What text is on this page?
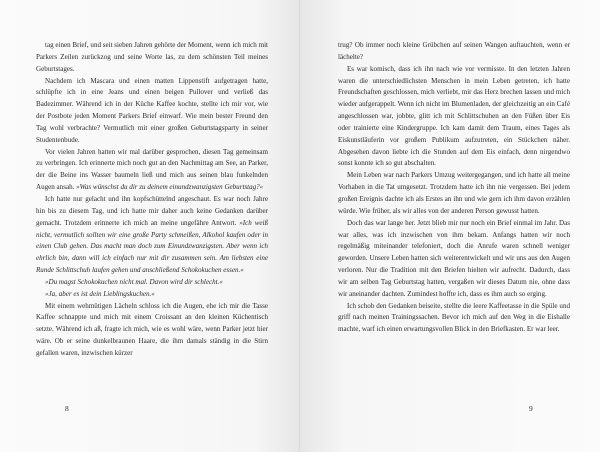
tag einen Brief, und seit sieben Jahren gehörte der Moment, wenn ich mich mit Parkers Zeilen zurückzog und seine Worte las, zu dem schönsten Teil meines Geburtstages.

Nachdem ich Mascara und einen matten Lippenstift aufgetragen hatte, schlüpfte ich in eine Jeans und einen beigen Pullover und verließ das Badezimmer. Während ich in der Küche Kaffee kochte, stellte ich mir vor, wie der Postbote jeden Moment Parkers Brief einwarf. Wie mein bester Freund den Tag wohl verbrachte? Vermutlich mit einer großen Geburtstagsparty in seiner Studentenbude.

Vor vielen Jahren hatten wir mal darüber gesprochen, diesen Tag gemeinsam zu verbringen. Ich erinnerte mich noch gut an den Nachmittag am See, an Parker, der die Beine ins Wasser baumeln ließ und mich aus seinen blau funkelnden Augen ansah. »Was wünschst du dir zu deinem einundzwanzigsten Geburtstag?«

Ich hatte nur gelacht und ihn kopfschüttelnd angeschaut. Es war noch Jahre hin bis zu diesem Tag, und ich hatte mir daher auch keine Gedanken darüber gemacht. Trotzdem erinnerte ich mich an meine ungefähre Antwort. »Ich weiß nicht, vermutlich sollten wir eine große Party schmeißen, Alkohol kaufen oder in einen Club gehen. Das macht man doch zum Einundzwanzigsten. Aber wenn ich ehrlich bin, dann will ich einfach nur mit dir zusammen sein. Am liebsten eine Runde Schlittschuh laufen gehen und anschließend Schokokuchen essen.«

»Du magst Schokokuchen nicht mal. Davon wird dir schlecht.«

»Ja, aber es ist dein Lieblingskuchen.«

Mit einem wehmütigen Lächeln schloss ich die Augen, ehe ich mir die Tasse Kaffee schnappte und mich mit einem Croissant an den kleinen Küchentisch setzte. Während ich aß, fragte ich mich, wie es wohl wäre, wenn Parker jetzt hier wäre. Ob er seine dunkelbraunen Haare, die ihm damals ständig in die Stirn gefallen waren, inzwischen kürzer

8

trug? Ob immer noch kleine Grübchen auf seinen Wangen auftauchten, wenn er lächelte?

Es war komisch, dass ich ihn nach wie vor vermisste. In den letzten Jahren waren die unterschiedlichsten Menschen in mein Leben getreten, ich hatte Freundschaften geschlossen, mich verliebt, mir das Herz brechen lassen und mich wieder aufgerappelt. Wenn ich nicht im Blumenladen, der gleichzeitig an ein Café angeschlossen war, jobbte, glitt ich mit Schlittschuhen an den Füßen über Eis oder trainierte eine Kindergruppe. Ich kam damit dem Traum, eines Tages als Eiskunstläuferin vor großem Publikum aufzutreten, ein Stückchen näher. Abgesehen davon liebte ich die Stunden auf dem Eis einfach, denn nirgendwo sonst konnte ich so gut abschalten.

Mein Leben war nach Parkers Umzug weitergegangen, und ich hatte all meine Vorhaben in die Tat umgesetzt. Trotzdem hatte ich ihn nie vergessen. Bei jedem großen Ereignis dachte ich als Erstes an ihn und wie gern ich ihm davon erzählen würde. Wie früher, als wir alles von der anderen Person gewusst hatten.

Doch das war lange her. Jetzt blieb mir nur noch ein Brief einmal im Jahr. Das war alles, was ich inzwischen von ihm bekam. Anfangs hatten wir noch regelmäßig miteinander telefoniert, doch die Anrufe waren schnell weniger geworden. Unsere Leben hatten sich weiterentwickelt und wir uns aus den Augen verloren. Nur die Tradition mit den Briefen hielten wir aufrecht. Dadurch, dass wir am selben Tag Geburtstag hatten, vergaßen wir dieses Datum nie, ohne dass wir aneinander dachten. Zumindest hoffte ich, dass es ihm auch so erging.

Ich schob den Gedanken beiseite, stellte die leere Kaffeetasse in die Spüle und griff nach meinen Trainingssachen. Bevor ich mich auf den Weg in die Eishalle machte, warf ich einen erwartungsvollen Blick in den Briefkasten. Er war leer.

9
